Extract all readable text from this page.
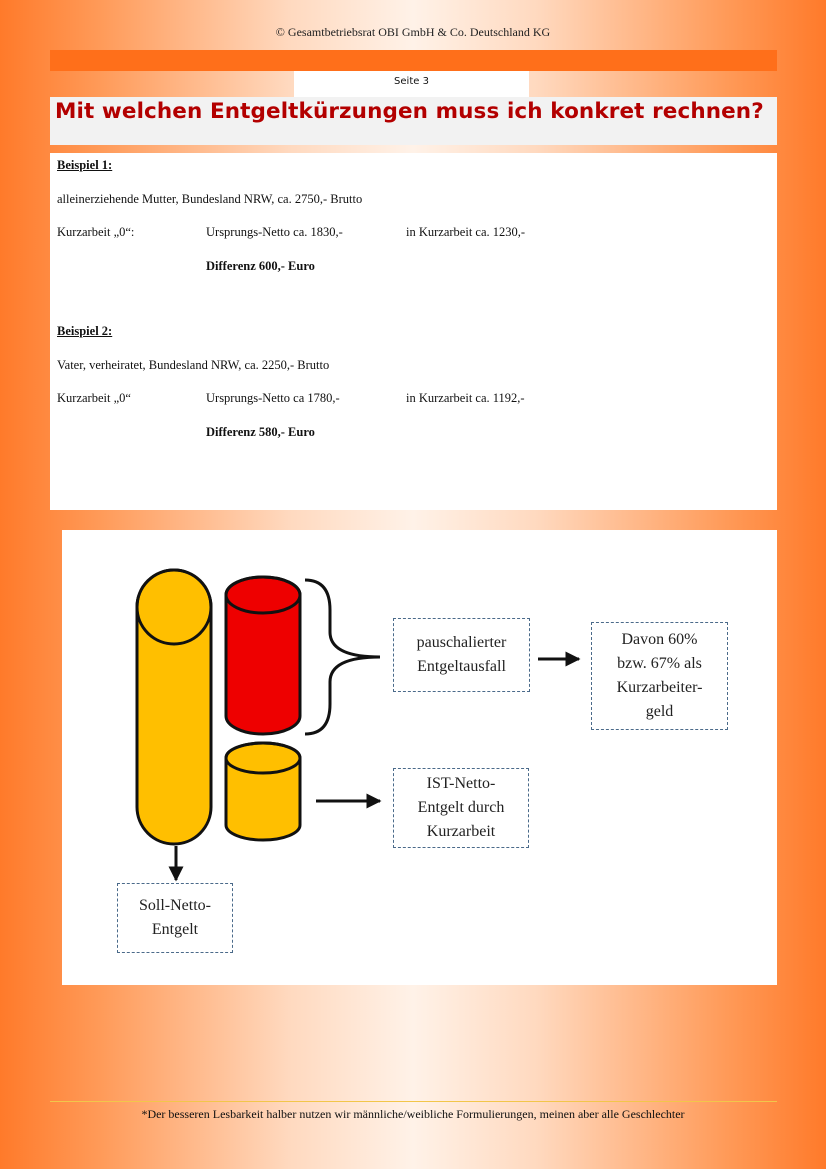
© Gesamtbetriebsrat OBI GmbH & Co. Deutschland KG
Seite 3
Mit welchen Entgeltkürzungen muss ich konkret rechnen?
Beispiel 1:
alleinerziehende Mutter, Bundesland NRW, ca. 2750,- Brutto
Kurzarbeit „0“:	Ursprungs-Netto ca. 1830,-	in Kurzarbeit ca. 1230,-
Differenz 600,- Euro
Beispiel 2:
Vater, verheiratet, Bundesland NRW, ca. 2250,- Brutto
Kurzarbeit „0“	Ursprungs-Netto ca 1780,-	in Kurzarbeit ca. 1192,-
Differenz 580,- Euro
pauschalierter
Entgeltausfall
Davon 60%
bzw. 67% als
Kurzarbeiter-
geld
IST-Netto-
Entgelt durch
Kurzarbeit
Soll-Netto-
Entgelt
*Der besseren Lesbarkeit halber nutzen wir männliche/weibliche Formulierungen, meinen aber alle Geschlechter
